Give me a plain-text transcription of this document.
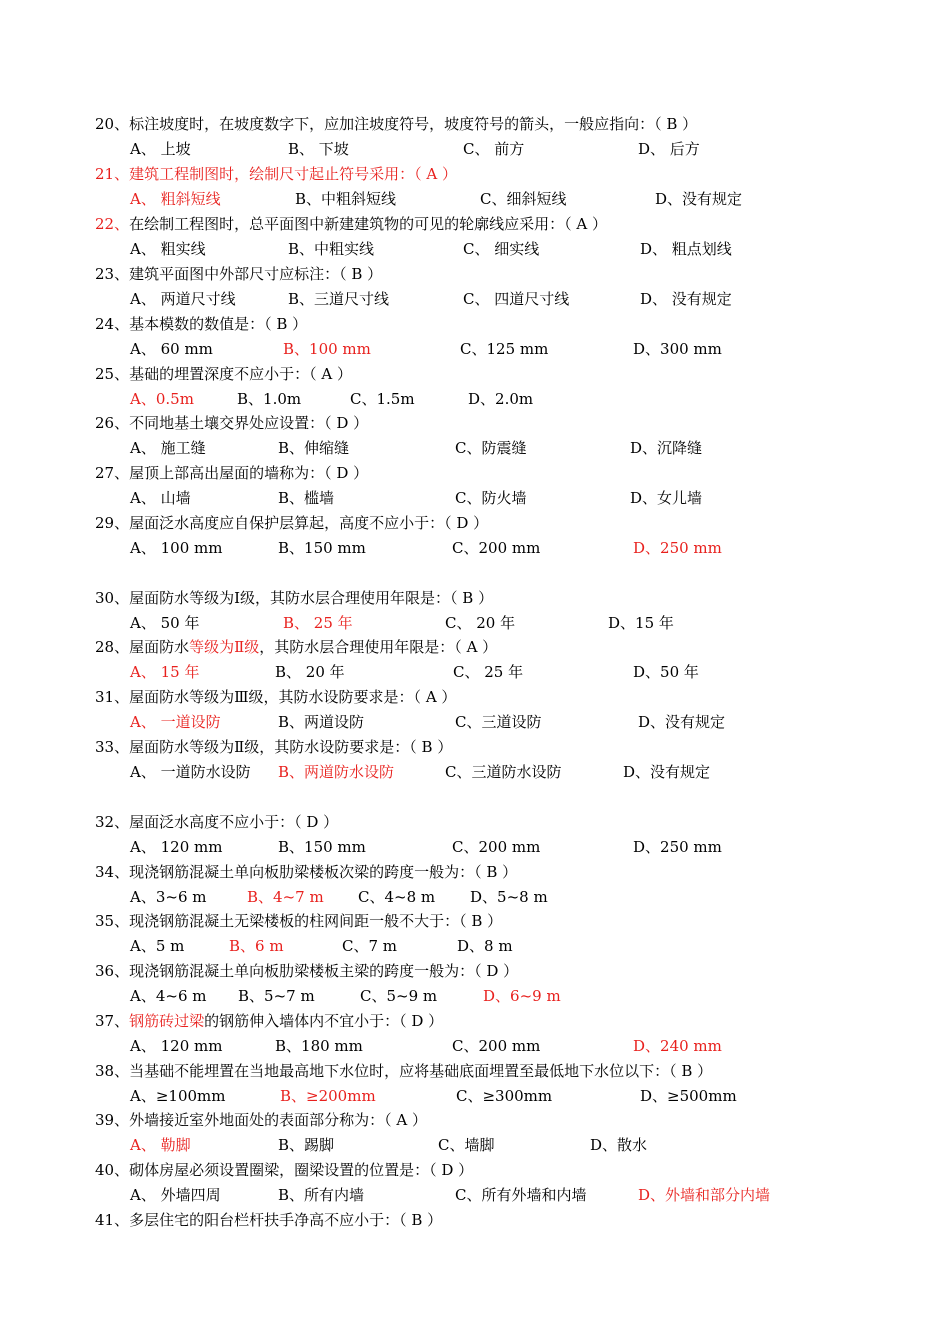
20、标注坡度时，在坡度数字下，应加注坡度符号，坡度符号的箭头，一般应指向：（ B ）
A、 上坡	B、 下坡	C、 前方	D、 后方
21、建筑工程制图时，绘制尺寸起止符号采用：（ A ）
A、 粗斜短线	B、中粗斜短线	C、细斜短线	D、没有规定
22、在绘制工程图时，总平面图中新建建筑物的可见的轮廓线应采用：（ A ）
A、 粗实线	B、中粗实线	C、 细实线	D、 粗点划线
23、建筑平面图中外部尺寸应标注：（ B ）
A、 两道尺寸线	B、三道尺寸线	C、 四道尺寸线	D、 没有规定
24、基本模数的数值是：（ B ）
A、 60 mm	B、100 mm	C、125 mm	D、300 mm
25、基础的埋置深度不应小于：（ A ）
A、0.5m	B、1.0m	C、1.5m	D、2.0m
26、不同地基土壤交界处应设置：（ D ）
A、 施工缝	B、伸缩缝	C、防震缝	D、沉降缝
27、屋顶上部高出屋面的墙称为：（ D ）
A、 山墙	B、槛墙	C、防火墙	D、女儿墙
29、屋面泛水高度应自保护层算起，高度不应小于：（ D ）
A、 100 mm	B、150 mm	C、200 mm	D、250 mm
30、屋面防水等级为Ⅰ级，其防水层合理使用年限是：（ B ）
A、 50 年	B、 25 年	C、 20 年	D、15 年
28、屋面防水等级为Ⅱ级，其防水层合理使用年限是：（ A ）
A、 15 年	B、 20 年	C、 25 年	D、50 年
31、屋面防水等级为Ⅲ级，其防水设防要求是：（ A ）
A、 一道设防	B、两道设防	C、三道设防	D、没有规定
33、屋面防水等级为Ⅱ级，其防水设防要求是：（ B ）
A、 一道防水设防 B、两道防水设防	C、三道防水设防	D、没有规定
32、屋面泛水高度不应小于：（ D ）
A、 120 mm	B、150 mm	C、200 mm	D、250 mm
34、现浇钢筋混凝土单向板肋梁楼板次梁的跨度一般为：（ B ）
A、3~6 m	B、4~7 m C、4~8 m D、5~8 m
35、现浇钢筋混凝土无梁楼板的柱网间距一般不大于：（ B ）
A、5 m	B、6 m	C、7 m	D、8 m
36、现浇钢筋混凝土单向板肋梁楼板主梁的跨度一般为：（ D ）
A、4~6 m B、5~7 m	C、5~9 m	D、6~9 m
37、钢筋砖过梁的钢筋伸入墙体内不宜小于：（ D ）
A、 120 mm	B、180 mm	C、200 mm	D、240 mm
38、当基础不能埋置在当地最高地下水位时，应将基础底面埋置至最低地下水位以下：（ B ）
A、≥100mm	B、≥200mm	C、≥300mm	D、≥500mm
39、外墙接近室外地面处的表面部分称为：（ A ）
A、 勒脚	B、踢脚	C、墙脚	D、散水
40、砌体房屋必须设置圈梁，圈梁设置的位置是：（ D ）
A、 外墙四周	B、所有内墙	C、所有外墙和内墙	D、外墙和部分内墙
41、多层住宅的阳台栏杆扶手净高不应小于：（ B ）
